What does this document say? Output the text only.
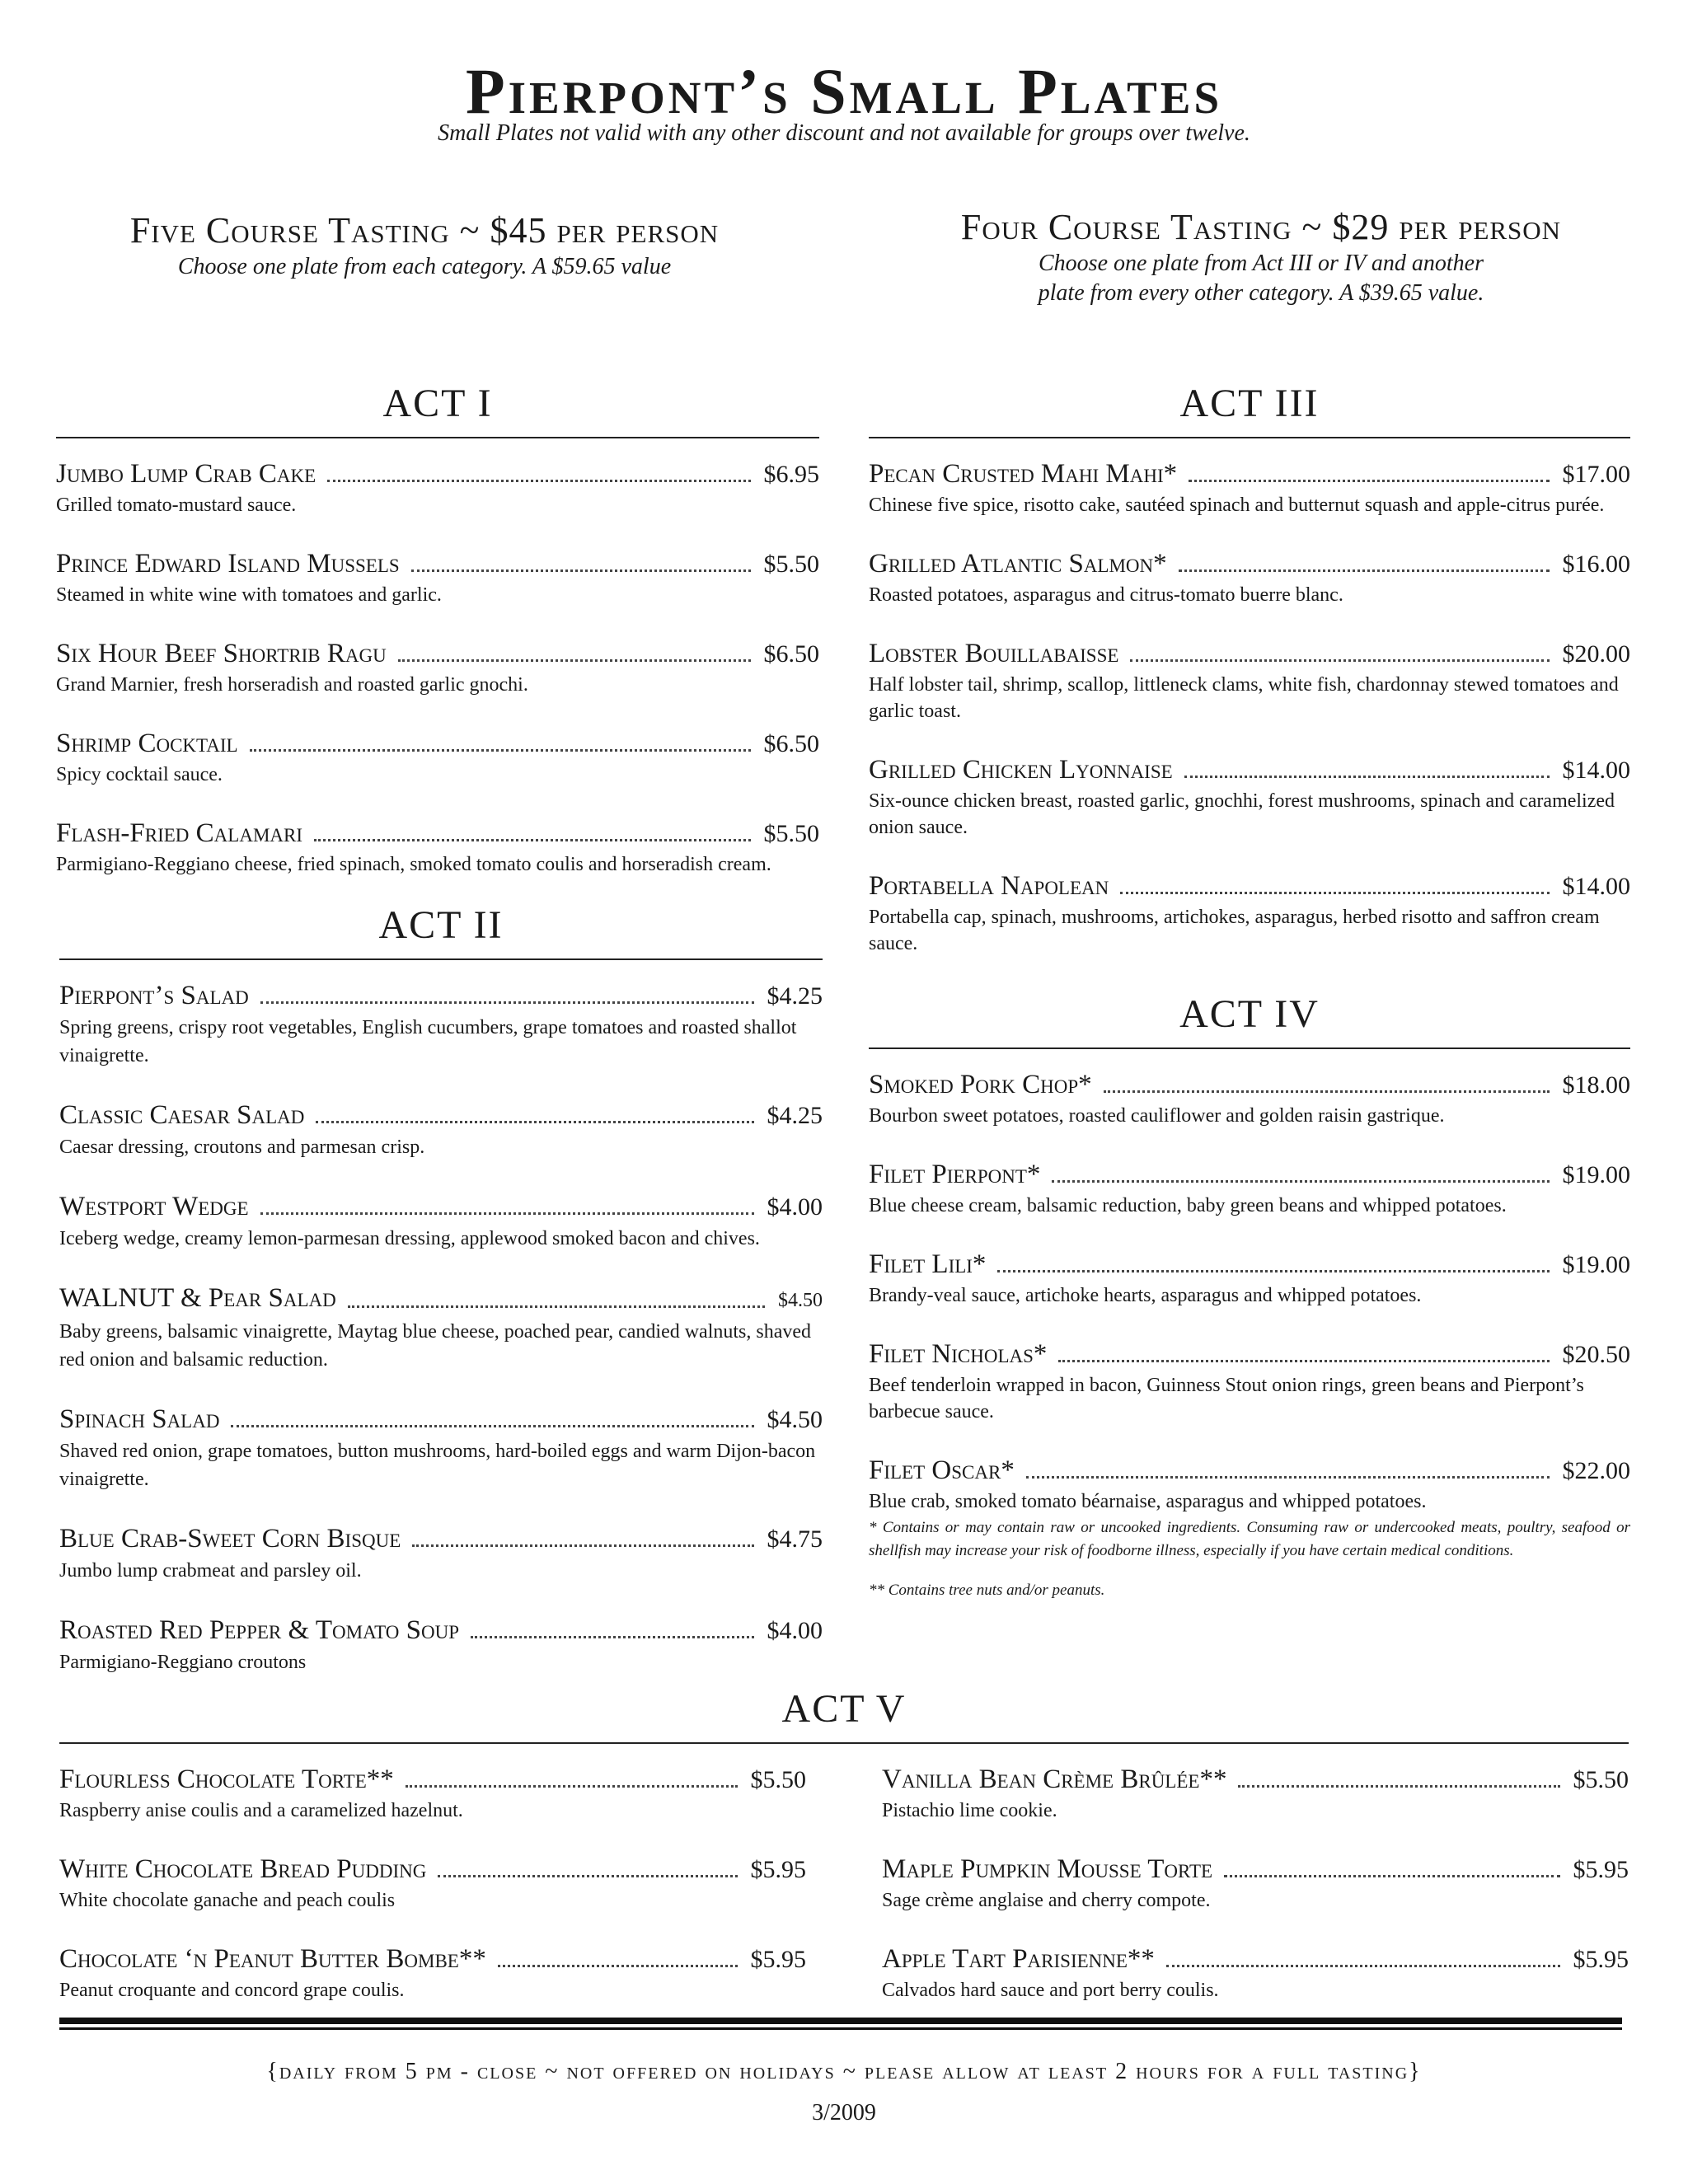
Pierpont’s Small Plates
Small Plates not valid with any other discount and not available for groups over twelve.
Five Course Tasting ~ $45 per person
Choose one plate from each category. A $59.65 value
Four Course Tasting ~ $29 per person
Choose one plate from Act III or IV and another
plate from every other category. A $39.65 value.
ACT I
Jumbo Lump Crab Cake	$6.95
Grilled tomato-mustard sauce.
Prince Edward Island Mussels	$5.50
Steamed in white wine with tomatoes and garlic.
Six Hour Beef Shortrib Ragu	$6.50
Grand Marnier, fresh horseradish and roasted garlic gnochi.
Shrimp Cocktail	$6.50
Spicy cocktail sauce.
Flash-Fried Calamari	$5.50
Parmigiano-Reggiano cheese, fried spinach, smoked tomato coulis and horseradish cream.
ACT II
Pierpont’s Salad	$4.25
Spring greens, crispy root vegetables, English cucumbers, grape tomatoes and roasted shallot vinaigrette.
Classic Caesar Salad	$4.25
Caesar dressing, croutons and parmesan crisp.
Westport Wedge	$4.00
Iceberg wedge, creamy lemon-parmesan dressing, applewood smoked bacon and chives.
WALNUT & Pear Salad	$4.50
Baby greens, balsamic vinaigrette, Maytag blue cheese, poached pear, candied walnuts, shaved red onion and balsamic reduction.
Spinach Salad	$4.50
Shaved red onion, grape tomatoes, button mushrooms, hard-boiled eggs and warm Dijon-bacon vinaigrette.
Blue Crab-Sweet Corn Bisque	$4.75
Jumbo lump crabmeat and parsley oil.
Roasted Red Pepper & Tomato Soup	$4.00
Parmigiano-Reggiano croutons
ACT III
Pecan Crusted Mahi Mahi*	$17.00
Chinese five spice, risotto cake, sautéed spinach and butternut squash and apple-citrus purée.
Grilled Atlantic Salmon*	$16.00
Roasted potatoes, asparagus and citrus-tomato buerre blanc.
Lobster Bouillabaisse	$20.00
Half lobster tail, shrimp, scallop, littleneck clams, white fish, chardonnay stewed tomatoes and garlic toast.
Grilled Chicken Lyonnaise	$14.00
Six-ounce chicken breast, roasted garlic, gnochhi, forest mushrooms, spinach and caramelized onion sauce.
Portabella Napolean	$14.00
Portabella cap, spinach, mushrooms, artichokes, asparagus, herbed risotto and saffron cream sauce.
ACT IV
Smoked Pork Chop*	$18.00
Bourbon sweet potatoes, roasted cauliflower and golden raisin gastrique.
Filet Pierpont*	$19.00
Blue cheese cream, balsamic reduction, baby green beans and whipped potatoes.
Filet Lili*	$19.00
Brandy-veal sauce, artichoke hearts, asparagus and whipped potatoes.
Filet Nicholas*	$20.50
Beef tenderloin wrapped in bacon, Guinness Stout onion rings, green beans and Pierpont’s barbecue sauce.
Filet Oscar*	$22.00
Blue crab, smoked tomato béarnaise, asparagus and whipped potatoes.

* Contains or may contain raw or uncooked ingredients. Consuming raw or undercooked meats, poultry, seafood or shellfish may increase your risk of foodborne illness, especially if you have certain medical conditions.

** Contains tree nuts and/or peanuts.

ACT V
Flourless Chocolate Torte**	$5.50
Raspberry anise coulis and a caramelized hazelnut.
White Chocolate Bread Pudding	$5.95
White chocolate ganache and peach coulis
Chocolate ‘n Peanut Butter Bombe**	$5.95
Peanut croquante and concord grape coulis.
Vanilla Bean Crème Brûlée**	$5.50
Pistachio lime cookie.
Maple Pumpkin Mousse Torte	$5.95
Sage crème anglaise and cherry compote.
Apple Tart Parisienne**	$5.95
Calvados hard sauce and port berry coulis.
{daily from 5 pm - close ~ not offered on holidays ~ please allow at least 2 hours for a full tasting}
3/2009
